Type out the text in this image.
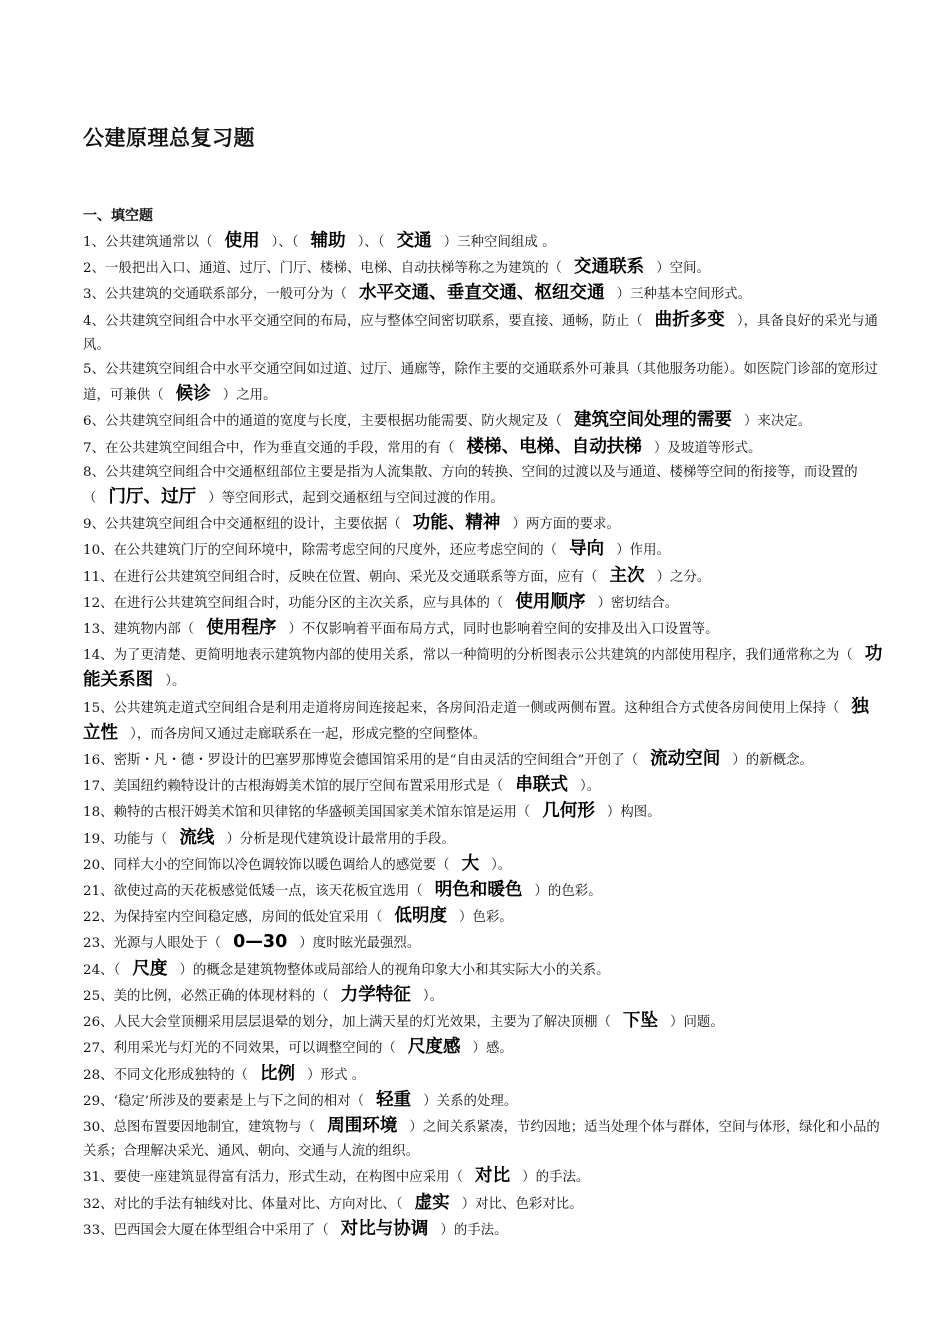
公建原理总复习题
一、填空题
1、公共建筑通常以（ 使用 ）、（ 辅助 ）、（ 交通 ）三种空间组成 。
2、一般把出入口、通道、过厅、门厅、楼梯、电梯、自动扶梯等称之为建筑的（ 交通联系 ）空间。
3、公共建筑的交通联系部分，一般可分为（ 水平交通、垂直交通、枢纽交通 ）三种基本空间形式。
4、公共建筑空间组合中水平交通空间的布局，应与整体空间密切联系，要直接、通畅，防止（ 曲折多变 ），具备良好的采光与通风。
5、公共建筑空间组合中水平交通空间如过道、过厅、通廊等，除作主要的交通联系外可兼具（其他服务功能）。如医院门诊部的宽形过道，可兼供（ 候诊 ）之用。
6、公共建筑空间组合中的通道的宽度与长度，主要根据功能需要、防火规定及（ 建筑空间处理的需要 ）来决定。
7、在公共建筑空间组合中，作为垂直交通的手段，常用的有（ 楼梯、电梯、自动扶梯 ）及坡道等形式。
8、公共建筑空间组合中交通枢纽部位主要是指为人流集散、方向的转换、空间的过渡以及与通道、楼梯等空间的衔接等，而设置的（ 门厅、过厅 ）等空间形式，起到交通枢纽与空间过渡的作用。
9、公共建筑空间组合中交通枢纽的设计，主要依据（ 功能、精神 ）两方面的要求。
10、在公共建筑门厅的空间环境中，除需考虑空间的尺度外，还应考虑空间的（ 导向 ）作用。
11、在进行公共建筑空间组合时，反映在位置、朝向、采光及交通联系等方面，应有（ 主次 ）之分。
12、在进行公共建筑空间组合时，功能分区的主次关系，应与具体的（ 使用顺序 ）密切结合。
13、建筑物内部（ 使用程序 ）不仅影响着平面布局方式，同时也影响着空间的安排及出入口设置等。
14、为了更清楚、更简明地表示建筑物内部的使用关系，常以一种简明的分析图表示公共建筑的内部使用程序，我们通常称之为（ 功能关系图 ）。
15、公共建筑走道式空间组合是利用走道将房间连接起来，各房间沿走道一侧或两侧布置。这种组合方式使各房间使用上保持（ 独立性 ），而各房间又通过走廊联系在一起，形成完整的空间整体。
16、密斯・凡・德・罗设计的巴塞罗那博览会德国馆采用的是“自由灵活的空间组合”开创了（ 流动空间 ）的新概念。
17、美国纽约赖特设计的古根海姆美术馆的展厅空间布置采用形式是（ 串联式 ）。
18、赖特的古根汗姆美术馆和贝律铭的华盛顿美国国家美术馆东馆是运用（ 几何形 ）构图。
19、功能与（ 流线 ）分析是现代建筑设计最常用的手段。
20、同样大小的空间饰以冷色调较饰以暖色调给人的感觉要（ 大 ）。
21、欲使过高的天花板感觉低矮一点，该天花板宜选用（ 明色和暖色 ）的色彩。
22、为保持室内空间稳定感，房间的低处宜采用（ 低明度 ）色彩。
23、光源与人眼处于（ 0—30 ）度时眩光最强烈。
24、（ 尺度 ）的概念是建筑物整体或局部给人的视角印象大小和其实际大小的关系。
25、美的比例，必然正确的体现材料的（ 力学特征 ）。
26、人民大会堂顶棚采用层层退晕的划分，加上满天星的灯光效果，主要为了解决顶棚（ 下坠 ）问题。
27、利用采光与灯光的不同效果，可以调整空间的（ 尺度感 ）感。
28、不同文化形成独特的（ 比例 ）形式 。
29、‘稳定’所涉及的要素是上与下之间的相对（ 轻重 ）关系的处理。
30、总图布置要因地制宜，建筑物与（ 周围环境 ）之间关系紧凑，节约因地；适当处理个体与群体，空间与体形，绿化和小品的关系；合理解决采光、通风、朝向、交通与人流的组织。
31、要使一座建筑显得富有活力，形式生动，在构图中应采用（ 对比 ）的手法。
32、对比的手法有轴线对比、体量对比、方向对比、（ 虚实 ）对比、色彩对比。
33、巴西国会大厦在体型组合中采用了（ 对比与协调 ）的手法。
